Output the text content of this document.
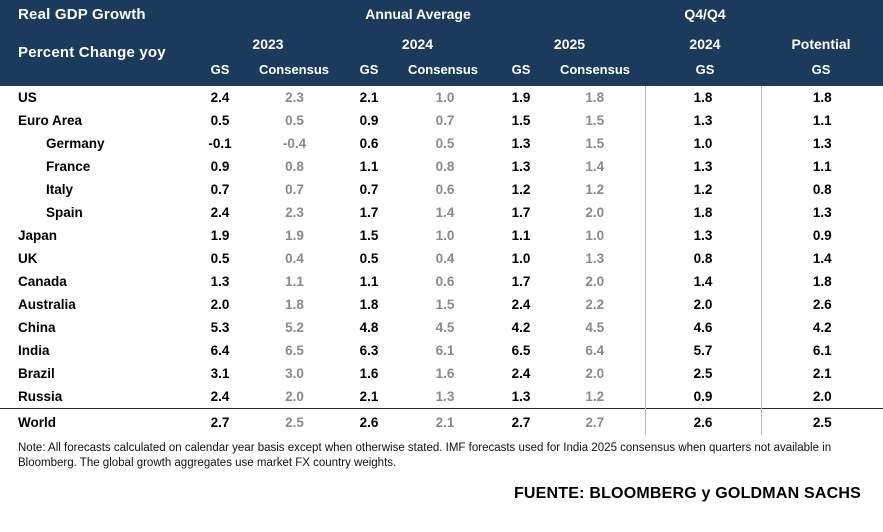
Real GDP Growth
Percent Change yoy
Annual Average	Q4/Q4
2023	2024	2025	2024	Potential
GS	Consensus	GS	Consensus	GS	Consensus	GS	GS
US	2.4	2.3	2.1	1.0	1.9	1.8	1.8	1.8
Euro Area	0.5	0.5	0.9	0.7	1.5	1.5	1.3	1.1
Germany	-0.1	-0.4	0.6	0.5	1.3	1.5	1.0	1.3
France	0.9	0.8	1.1	0.8	1.3	1.4	1.3	1.1
Italy	0.7	0.7	0.7	0.6	1.2	1.2	1.2	0.8
Spain	2.4	2.3	1.7	1.4	1.7	2.0	1.8	1.3
Japan	1.9	1.9	1.5	1.0	1.1	1.0	1.3	0.9
UK	0.5	0.4	0.5	0.4	1.0	1.3	0.8	1.4
Canada	1.3	1.1	1.1	0.6	1.7	2.0	1.4	1.8
Australia	2.0	1.8	1.8	1.5	2.4	2.2	2.0	2.6
China	5.3	5.2	4.8	4.5	4.2	4.5	4.6	4.2
India	6.4	6.5	6.3	6.1	6.5	6.4	5.7	6.1
Brazil	3.1	3.0	1.6	1.6	2.4	2.0	2.5	2.1
Russia	2.4	2.0	2.1	1.3	1.3	1.2	0.9	2.0
World	2.7	2.5	2.6	2.1	2.7	2.7	2.6	2.5
Note: All forecasts calculated on calendar year basis except when otherwise stated. IMF forecasts used for India 2025 consensus when quarters not available in Bloomberg. The global growth aggregates use market FX country weights.
FUENTE: BLOOMBERG y GOLDMAN SACHS
